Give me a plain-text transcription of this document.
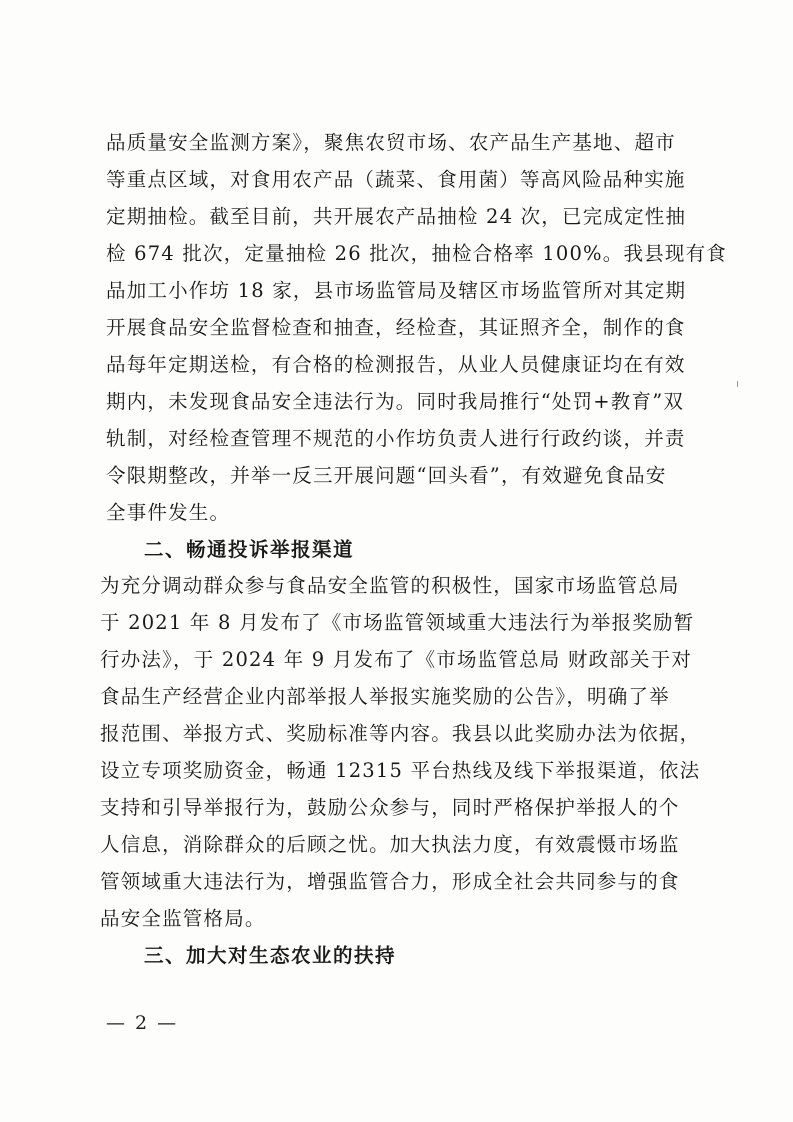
品质量安全监测方案》，聚焦农贸市场、农产品生产基地、超市
等重点区域，对食用农产品（蔬菜、食用菌）等高风险品种实施
定期抽检。截至目前，共开展农产品抽检 24 次，已完成定性抽
检 674 批次，定量抽检 26 批次，抽检合格率 100%。我县现有食
品加工小作坊 18 家，县市场监管局及辖区市场监管所对其定期
开展食品安全监督检查和抽查，经检查，其证照齐全，制作的食
品每年定期送检，有合格的检测报告，从业人员健康证均在有效
期内，未发现食品安全违法行为。同时我局推行“处罚+教育”双
轨制，对经检查管理不规范的小作坊负责人进行行政约谈，并责
令限期整改，并举一反三开展问题“回头看”，有效避免食品安
全事件发生。
二、畅通投诉举报渠道
为充分调动群众参与食品安全监管的积极性，国家市场监管总局
于 2021 年 8 月发布了《市场监管领域重大违法行为举报奖励暂
行办法》，于 2024 年 9 月发布了《市场监管总局 财政部关于对
食品生产经营企业内部举报人举报实施奖励的公告》，明确了举
报范围、举报方式、奖励标准等内容。我县以此奖励办法为依据，
设立专项奖励资金，畅通 12315 平台热线及线下举报渠道，依法
支持和引导举报行为，鼓励公众参与，同时严格保护举报人的个
人信息，消除群众的后顾之忧。加大执法力度，有效震慑市场监
管领域重大违法行为，增强监管合力，形成全社会共同参与的食
品安全监管格局。
三、加大对生态农业的扶持
— 2 —
